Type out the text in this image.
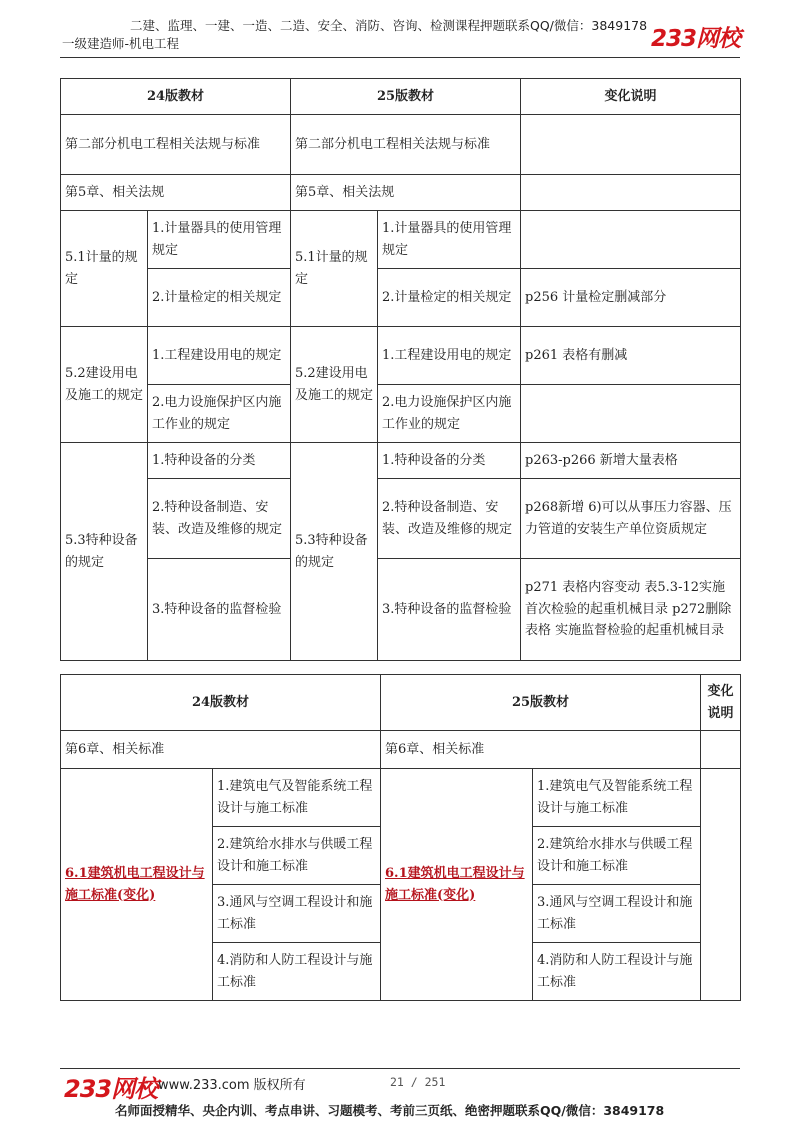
二建、监理、一建、一造、二造、安全、消防、咨询、检测课程押题联系QQ/微信：3849178
一级建造师-机电工程	233网校
24版教材		25版教材		变化说明
第二部分机电工程相关法规与标准		第二部分机电工程相关法规与标准		
第5章、相关法规		第5章、相关法规		
5.1计量的规定	1.计量器具的使用管理规定	5.1计量的规定	1.计量器具的使用管理规定	
	2.计量检定的相关规定		2.计量检定的相关规定	p256 计量检定删减部分
5.2建设用电及施工的规定	1.工程建设用电的规定	5.2建设用电及施工的规定	1.工程建设用电的规定	p261 表格有删减
	2.电力设施保护区内施工作业的规定		2.电力设施保护区内施工作业的规定	
5.3特种设备的规定	1.特种设备的分类	5.3特种设备的规定	1.特种设备的分类	p263-p266 新增大量表格
	2.特种设备制造、安装、改造及维修的规定		2.特种设备制造、安装、改造及维修的规定	p268新增 6)可以从事压力容器、压力管道的安装生产单位资质规定
	3.特种设备的监督检验		3.特种设备的监督检验	p271 表格内容变动 表5.3-12实施首次检验的起重机械目录 p272删除表格 实施监督检验的起重机械目录
24版教材		25版教材		变化说明
第6章、相关标准		第6章、相关标准		
6.1建筑机电工程设计与施工标准(变化)	1.建筑电气及智能系统工程设计与施工标准	6.1建筑机电工程设计与施工标准(变化)	1.建筑电气及智能系统工程设计与施工标准	
	2.建筑给水排水与供暖工程设计和施工标准		2.建筑给水排水与供暖工程设计和施工标准	
	3.通风与空调工程设计和施工标准		3.通风与空调工程设计和施工标准	
	4.消防和人防工程设计与施工标准		4.消防和人防工程设计与施工标准	
233网校 www.233.com 版权所有	21 / 251
名师面授精华、央企内训、考点串讲、习题模考、考前三页纸、绝密押题联系QQ/微信：3849178
